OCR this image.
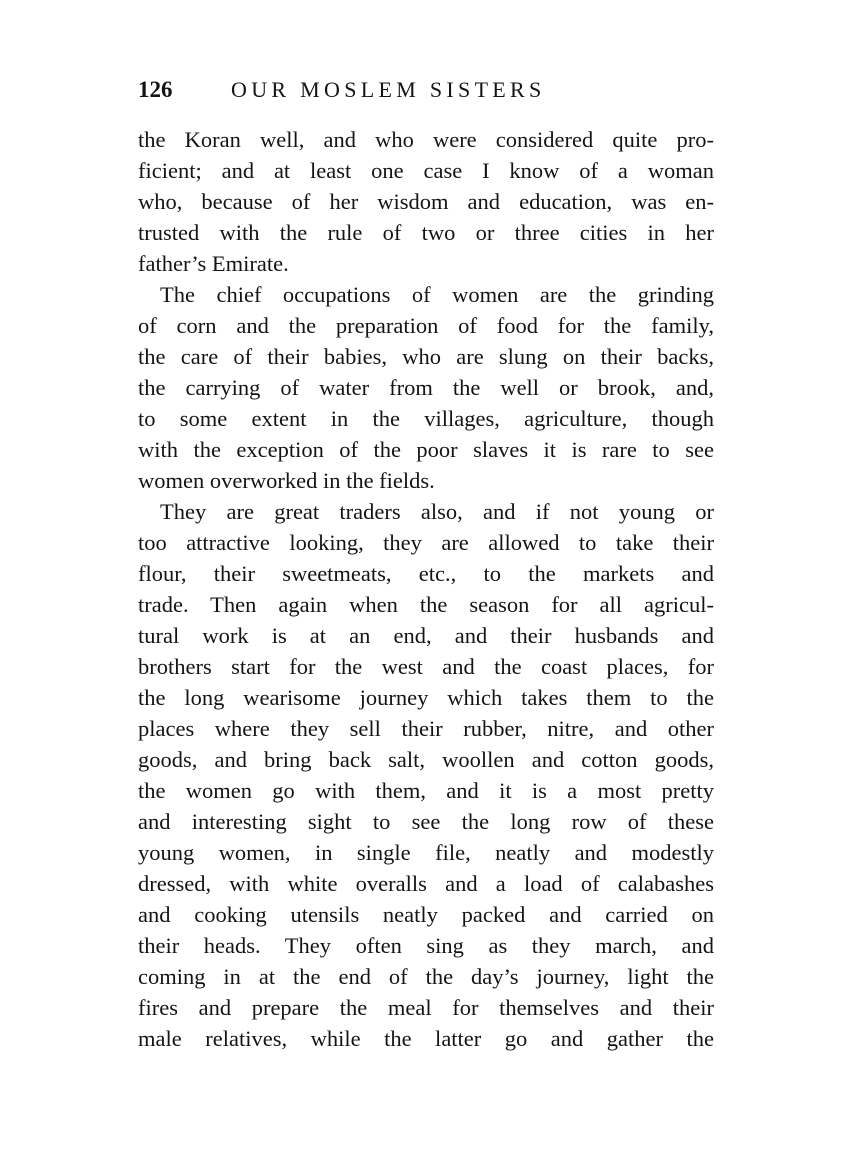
126	OUR MOSLEM SISTERS
the Koran well, and who were considered quite pro-
ficient; and at least one case I know of a woman
who, because of her wisdom and education, was en-
trusted with the rule of two or three cities in her
father’s Emirate.
The chief occupations of women are the grinding
of corn and the preparation of food for the family,
the care of their babies, who are slung on their backs,
the carrying of water from the well or brook, and,
to some extent in the villages, agriculture, though
with the exception of the poor slaves it is rare to see
women overworked in the fields.
They are great traders also, and if not young or
too attractive looking, they are allowed to take their
flour, their sweetmeats, etc., to the markets and
trade. Then again when the season for all agricul-
tural work is at an end, and their husbands and
brothers start for the west and the coast places, for
the long wearisome journey which takes them to the
places where they sell their rubber, nitre, and other
goods, and bring back salt, woollen and cotton goods,
the women go with them, and it is a most pretty
and interesting sight to see the long row of these
young women, in single file, neatly and modestly
dressed, with white overalls and a load of calabashes
and cooking utensils neatly packed and carried on
their heads. They often sing as they march, and
coming in at the end of the day’s journey, light the
fires and prepare the meal for themselves and their
male relatives, while the latter go and gather the
